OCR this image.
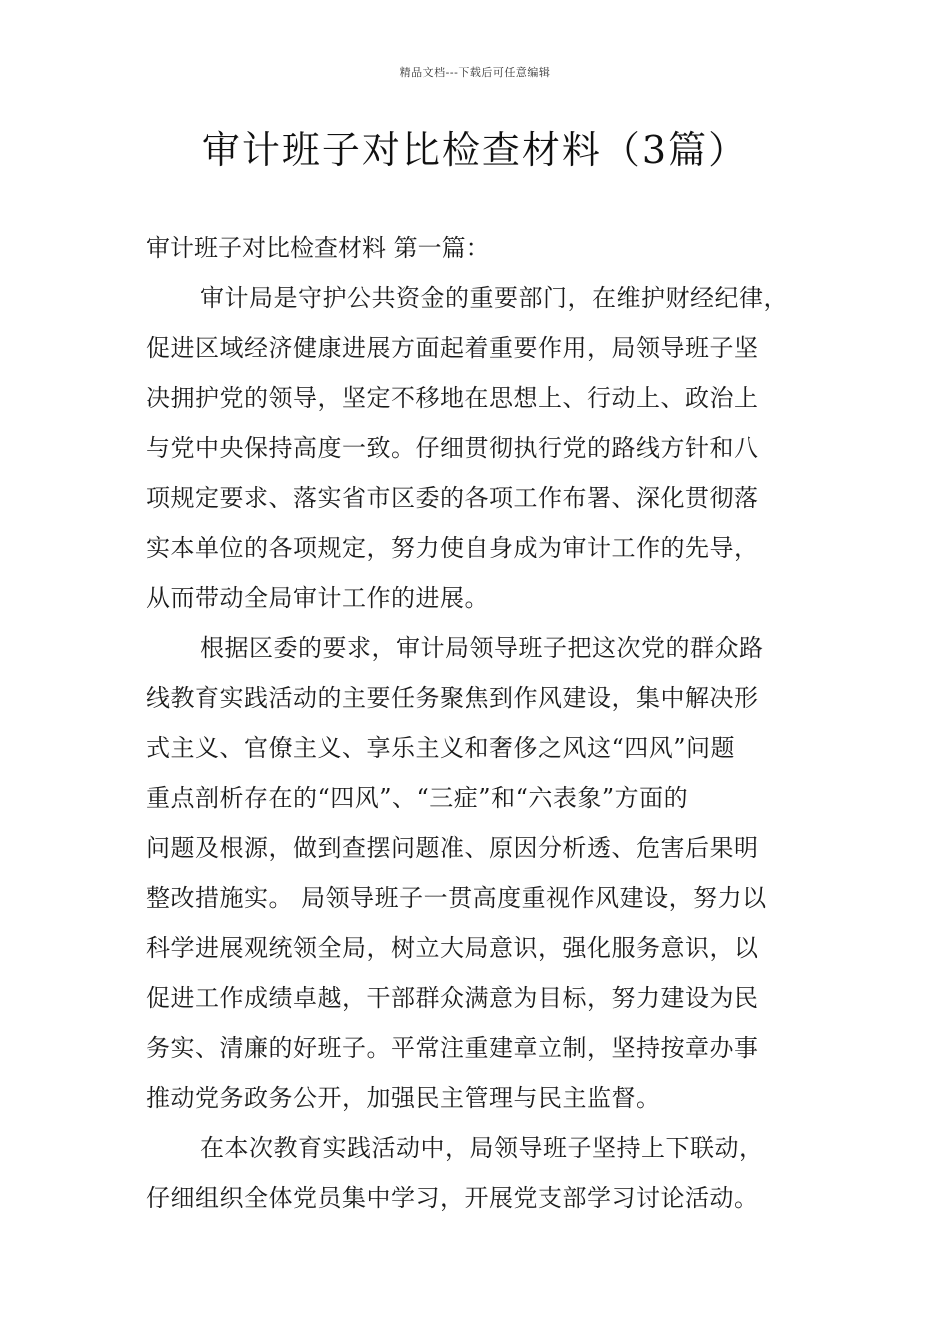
精品文档---下载后可任意编辑
审计班子对比检查材料（3篇）
审计班子对比检查材料 第一篇：
审计局是守护公共资金的重要部门，在维护财经纪律，
促进区域经济健康进展方面起着重要作用，局领导班子坚
决拥护党的领导，坚定不移地在思想上、行动上、政治上
与党中央保持高度一致。仔细贯彻执行党的路线方针和八
项规定要求、落实省市区委的各项工作布署、深化贯彻落
实本单位的各项规定，努力使自身成为审计工作的先导，
从而带动全局审计工作的进展。
根据区委的要求，审计局领导班子把这次党的群众路
线教育实践活动的主要任务聚焦到作风建设，集中解决形
式主义、官僚主义、享乐主义和奢侈之风这“四风”问题
重点剖析存在的“四风”、“三症”和“六表象”方面的
问题及根源，做到查摆问题准、原因分析透、危害后果明
整改措施实。 局领导班子一贯高度重视作风建设，努力以
科学进展观统领全局，树立大局意识，强化服务意识，以
促进工作成绩卓越，干部群众满意为目标，努力建设为民
务实、清廉的好班子。平常注重建章立制，坚持按章办事
推动党务政务公开，加强民主管理与民主监督。
在本次教育实践活动中，局领导班子坚持上下联动，
仔细组织全体党员集中学习，开展党支部学习讨论活动。
